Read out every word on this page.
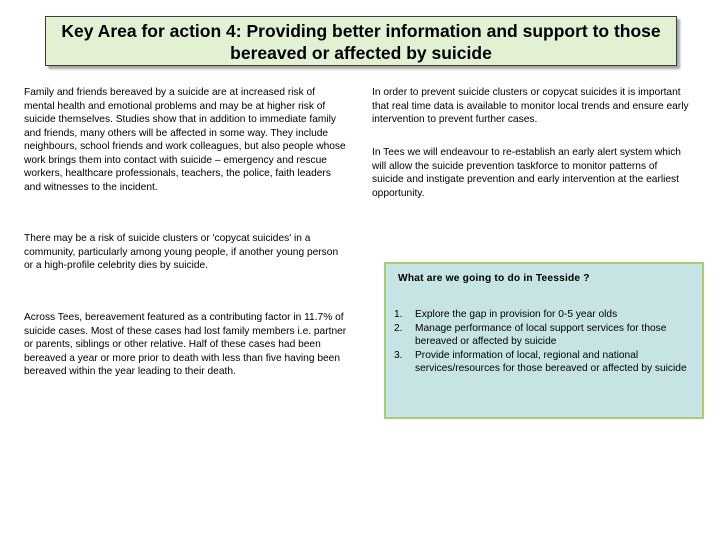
Key Area for action 4: Providing better information and support to those bereaved or affected by suicide
Family and friends bereaved by a suicide are at increased risk of mental health and emotional problems and may be at higher risk of suicide themselves. Studies show that in addition to immediate family and friends, many others will be affected in some way. They include neighbours, school friends and work colleagues, but also people whose work brings them into contact with suicide – emergency and rescue workers, healthcare professionals, teachers, the police, faith leaders and witnesses to the incident.
There may be a risk of suicide clusters or 'copycat suicides' in a community, particularly among young people, if another young person or a high-profile celebrity dies by suicide.
Across Tees, bereavement featured as a contributing factor in 11.7% of suicide cases. Most of these cases had lost family members i.e. partner or parents, siblings or other relative. Half of these cases had been bereaved a year or more prior to death with less than five having been bereaved within the year leading to their death.
In order to prevent suicide clusters or copycat suicides it is important that real time data is available to monitor local trends and ensure early intervention to prevent further cases.
In Tees we will endeavour to re-establish an early alert system which will allow the suicide prevention taskforce to monitor patterns of suicide and instigate prevention and early intervention at the earliest opportunity.
What are we going to do in Teesside ?
1. Explore the gap in provision for 0-5 year olds
2. Manage performance of local support services for those bereaved or affected by suicide
3. Provide information of local, regional and national services/resources for those bereaved or affected by suicide
